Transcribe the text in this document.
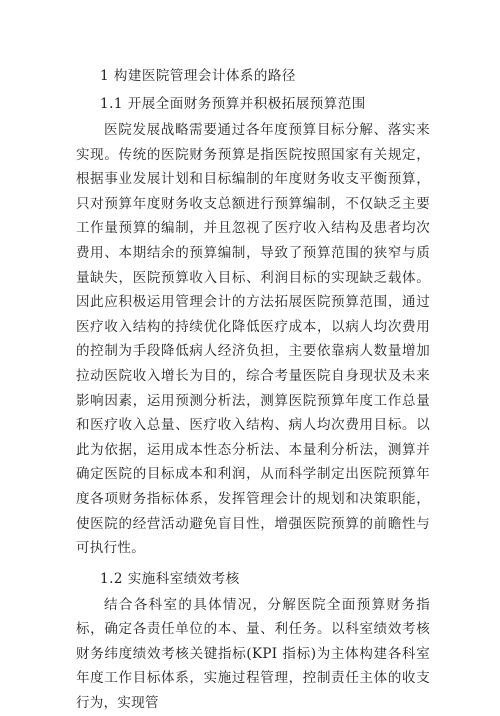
1 构建医院管理会计体系的路径
1.1 开展全面财务预算并积极拓展预算范围

医院发展战略需要通过各年度预算目标分解、落实来实现。传统的医院财务预算是指医院按照国家有关规定，根据事业发展计划和目标编制的年度财务收支平衡预算，只对预算年度财务收支总额进行预算编制，不仅缺乏主要工作量预算的编制，并且忽视了医疗收入结构及患者均次费用、本期结余的预算编制，导致了预算范围的狭窄与质量缺失，医院预算收入目标、利润目标的实现缺乏载体。因此应积极运用管理会计的方法拓展医院预算范围，通过医疗收入结构的持续优化降低医疗成本，以病人均次费用的控制为手段降低病人经济负担，主要依靠病人数量增加拉动医院收入增长为目的，综合考量医院自身现状及未来影响因素，运用预测分析法，测算医院预算年度工作总量和医疗收入总量、医疗收入结构、病人均次费用目标。以此为依据，运用成本性态分析法、本量利分析法，测算并确定医院的目标成本和利润，从而科学制定出医院预算年度各项财务指标体系，发挥管理会计的规划和决策职能，使医院的经营活动避免盲目性，增强医院预算的前瞻性与可执行性。

1.2 实施科室绩效考核

结合各科室的具体情况，分解医院全面预算财务指标，确定各责任单位的本、量、利任务。以科室绩效考核财务纬度绩效考核关键指标(KPI 指标)为主体构建各科室年度工作目标体系，实施过程管理，控制责任主体的收支行为，实现管
